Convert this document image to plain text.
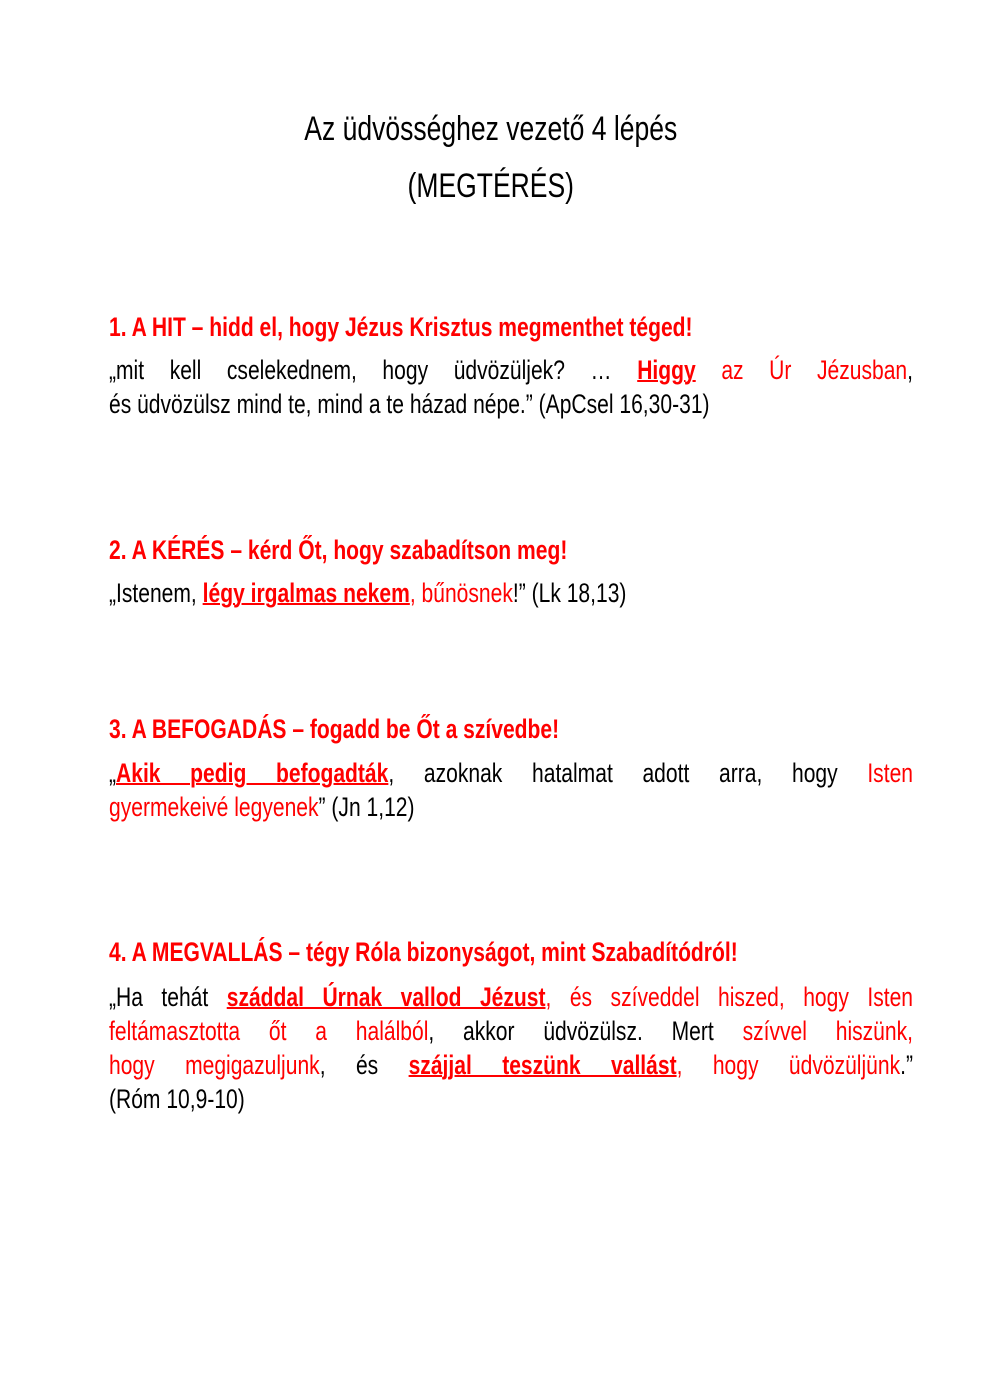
Az üdvösséghez vezető 4 lépés
(MEGTÉRÉS)
1. A HIT – hidd el, hogy Jézus Krisztus megmenthet téged!
2. A KÉRÉS – kérd Őt, hogy szabadítson meg!
3. A BEFOGADÁS – fogadd be Őt a szívedbe!
4. A MEGVALLÁS – tégy Róla bizonyságot, mint Szabadítódról!
„mit kell cselekednem, hogy üdvözüljek? … Higgy az Úr Jézusban,
és üdvözülsz mind te, mind a te házad népe.” (ApCsel 16,30-31)
„Istenem, légy irgalmas nekem, bűnösnek!” (Lk 18,13)
„Akik pedig befogadták, azoknak hatalmat adott arra, hogy Isten
gyermekeivé legyenek” (Jn 1,12)
„Ha tehát száddal Úrnak vallod Jézust, és szíveddel hiszed, hogy Isten
feltámasztotta őt a halálból, akkor üdvözülsz. Mert szívvel hiszünk,
hogy megigazuljunk, és szájjal teszünk vallást, hogy üdvözüljünk.”
(Róm 10,9-10)
